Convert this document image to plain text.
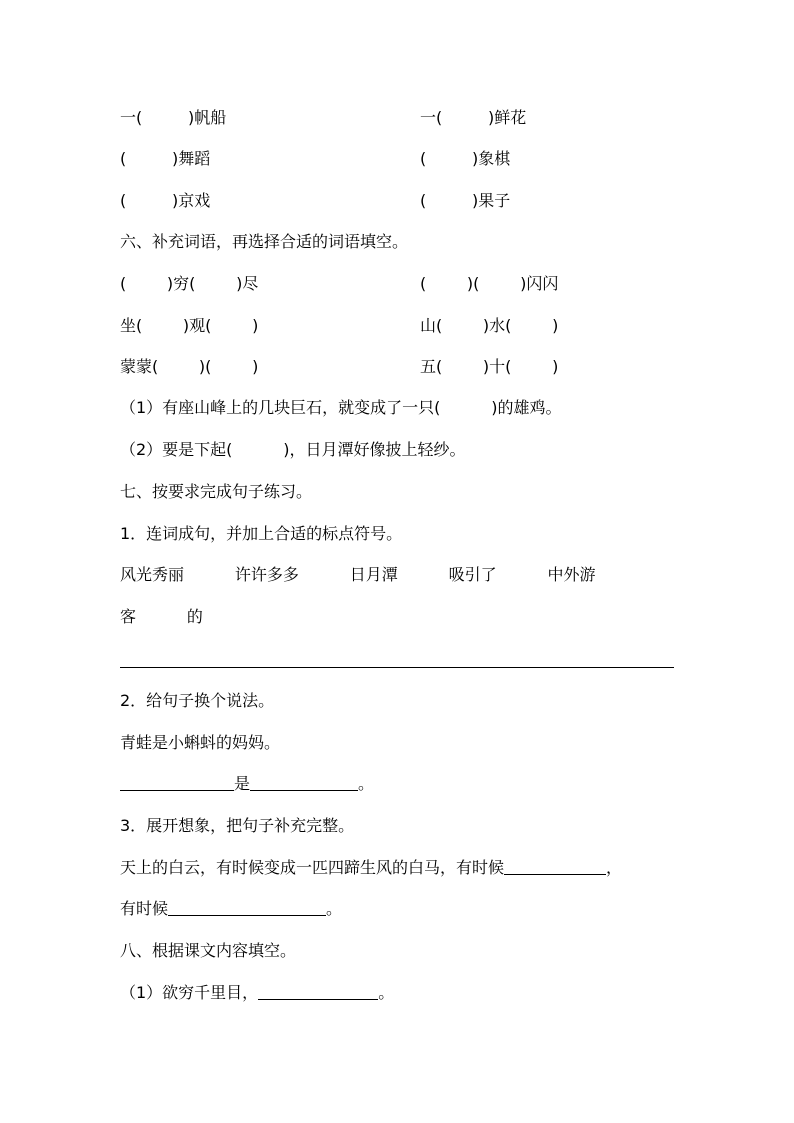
一(         )帆船	一(         )鲜花
(         )舞蹈	(         )象棋
(         )京戏	(         )果子
六、补充词语，再选择合适的词语填空。
(        )穷(        )尽	(        )(        )闪闪
坐(        )观(        )	山(        )水(        )
蒙蒙(        )(        )	五(        )十(        )
（1）有座山峰上的几块巨石，就变成了一只(          )的雄鸡。
（2）要是下起(          )，日月潭好像披上轻纱。
七、按要求完成句子练习。
1．连词成句，并加上合适的标点符号。
风光秀丽          许许多多          日月潭          吸引了          中外游
客          的
2．给句子换个说法。
青蛙是小蝌蚪的妈妈。
是	。
3．展开想象，把句子补充完整。
天上的白云，有时候变成一匹四蹄生风的白马，有时候	，
有时候	。
八、根据课文内容填空。
（1）欲穷千里目，	。
